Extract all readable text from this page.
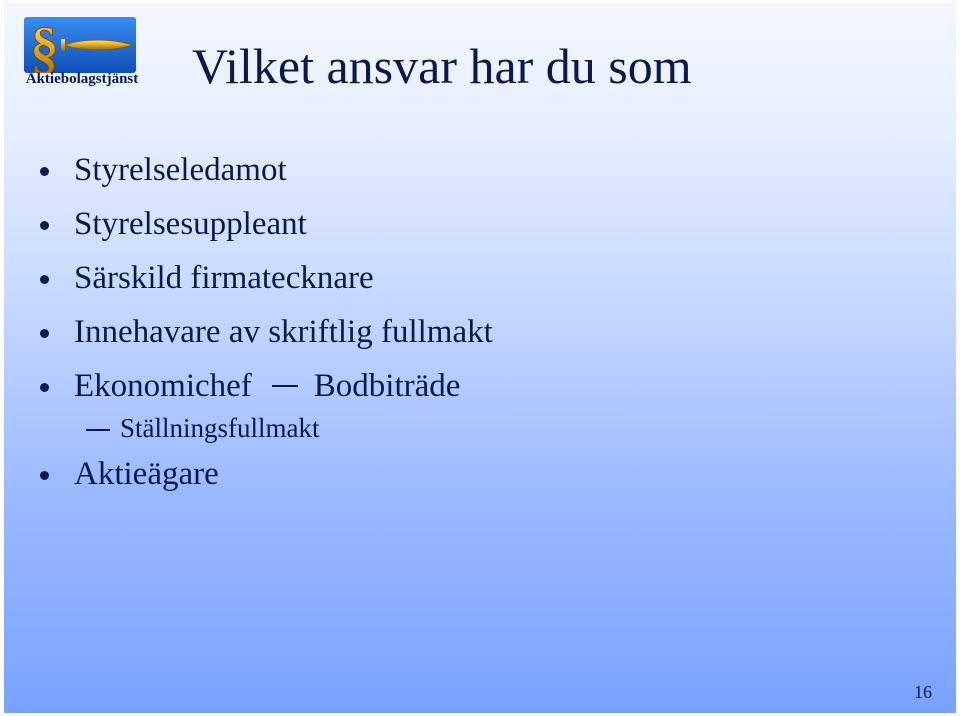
§
Aktiebolagstjänst Vilket ansvar har du som
Styrelseledamot
Styrelsesuppleant
Särskild firmatecknare
Innehavare av skriftlig fullmakt
Ekonomichef Bodbiträde
Ställningsfullmakt
Aktieägare
16
